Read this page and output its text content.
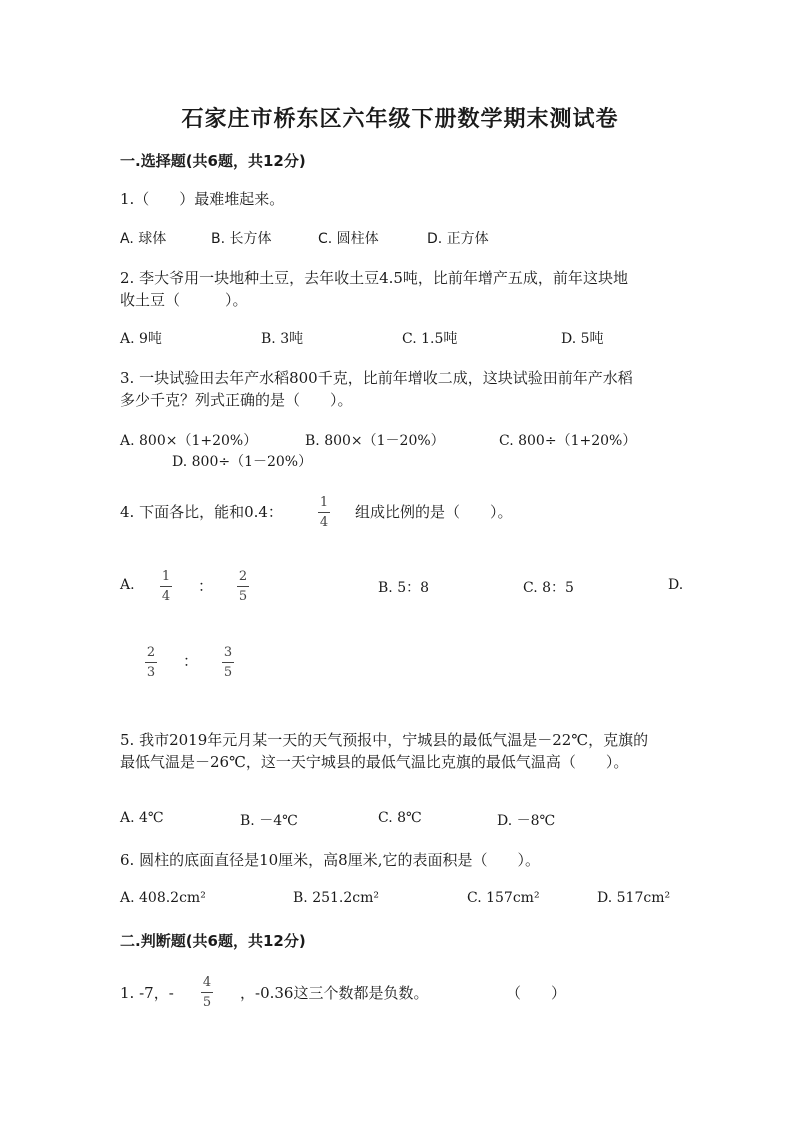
石家庄市桥东区六年级下册数学期末测试卷
一.选择题(共6题，共12分)
1.（　　）最难堆起来。
A. 球体	B. 长方体	C. 圆柱体	D. 正方体
2. 李大爷用一块地种土豆，去年收土豆4.5吨，比前年增产五成，前年这块地
收土豆（　　　）。
A. 9吨	B. 3吨	C. 1.5吨	D. 5吨
3. 一块试验田去年产水稻800千克，比前年增收二成，这块试验田前年产水稻
多少千克？列式正确的是（　　）。
A. 800×（1+20%）	B. 800×（1－20%）	C. 800÷（1+20%）
D. 800÷（1－20%）
4. 下面各比，能和0.4：
1
4
组成比例的是（　　）。
A.
1
4
：
2
5
B. 5：8	C. 8：5	D.
2
3
： 3
5
5. 我市2019年元月某一天的天气预报中，宁城县的最低气温是－22℃，克旗的
最低气温是－26℃，这一天宁城县的最低气温比克旗的最低气温高（　　）。
A. 4℃	B. －4℃	C. 8℃	D. －8℃
6. 圆柱的底面直径是10厘米，高8厘米,它的表面积是（　　）。
A. 408.2cm²	B. 251.2cm²	C. 157cm²	D. 517cm²
二.判断题(共6题，共12分)
1. -7，-
4
5
，-0.36这三个数都是负数。	（　　）
